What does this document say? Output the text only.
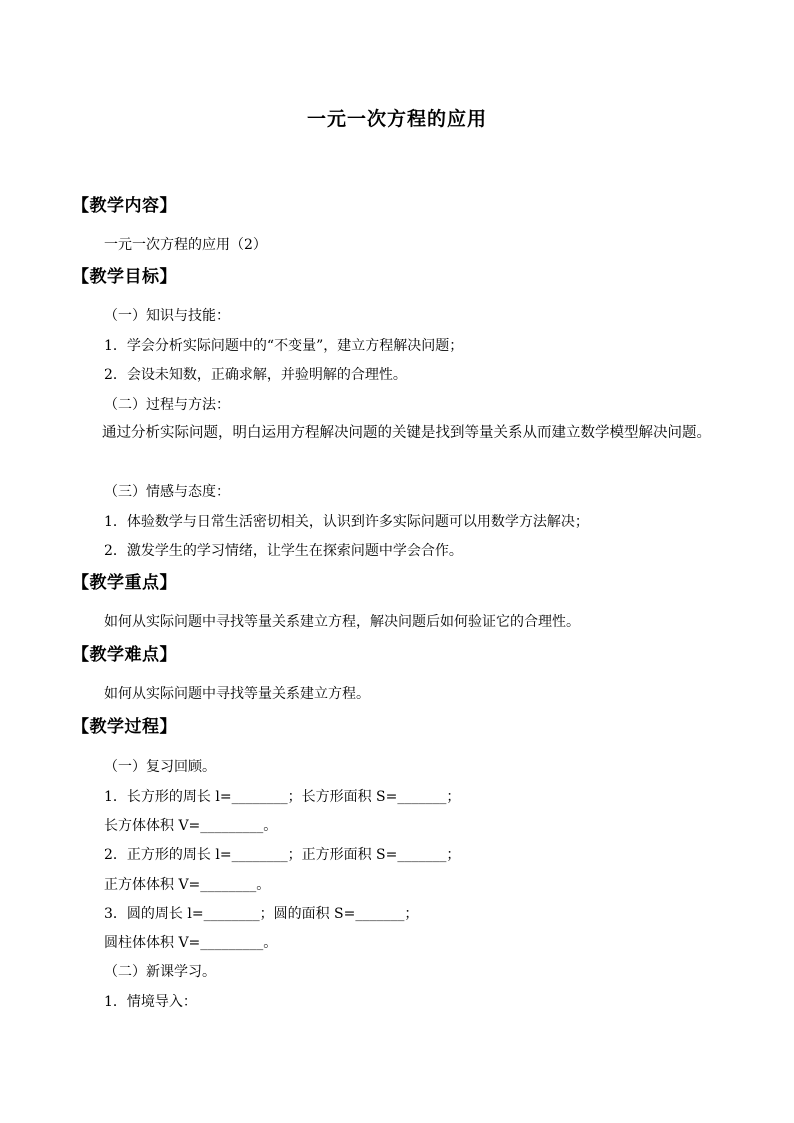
一元一次方程的应用
【教学内容】
一元一次方程的应用（2）
【教学目标】
（一）知识与技能：
1．学会分析实际问题中的“不变量”，建立方程解决问题；
2．会设未知数，正确求解，并验明解的合理性。
（二）过程与方法：
通过分析实际问题，明白运用方程解决问题的关键是找到等量关系从而建立数学模型解决问题。
（三）情感与态度：
1．体验数学与日常生活密切相关，认识到许多实际问题可以用数学方法解决；
2．激发学生的学习情绪，让学生在探索问题中学会合作。
【教学重点】
如何从实际问题中寻找等量关系建立方程，解决问题后如何验证它的合理性。
【教学难点】
如何从实际问题中寻找等量关系建立方程。
【教学过程】
（一）复习回顾。
1．长方形的周长 l=________；长方形面积 S=_______；
长方体体积 V=_________。
2．正方形的周长 l=________；正方形面积 S=_______；
正方体体积 V=________。
3．圆的周长 l=________；圆的面积 S=_______；
圆柱体体积 V=_________。
（二）新课学习。
1．情境导入：
